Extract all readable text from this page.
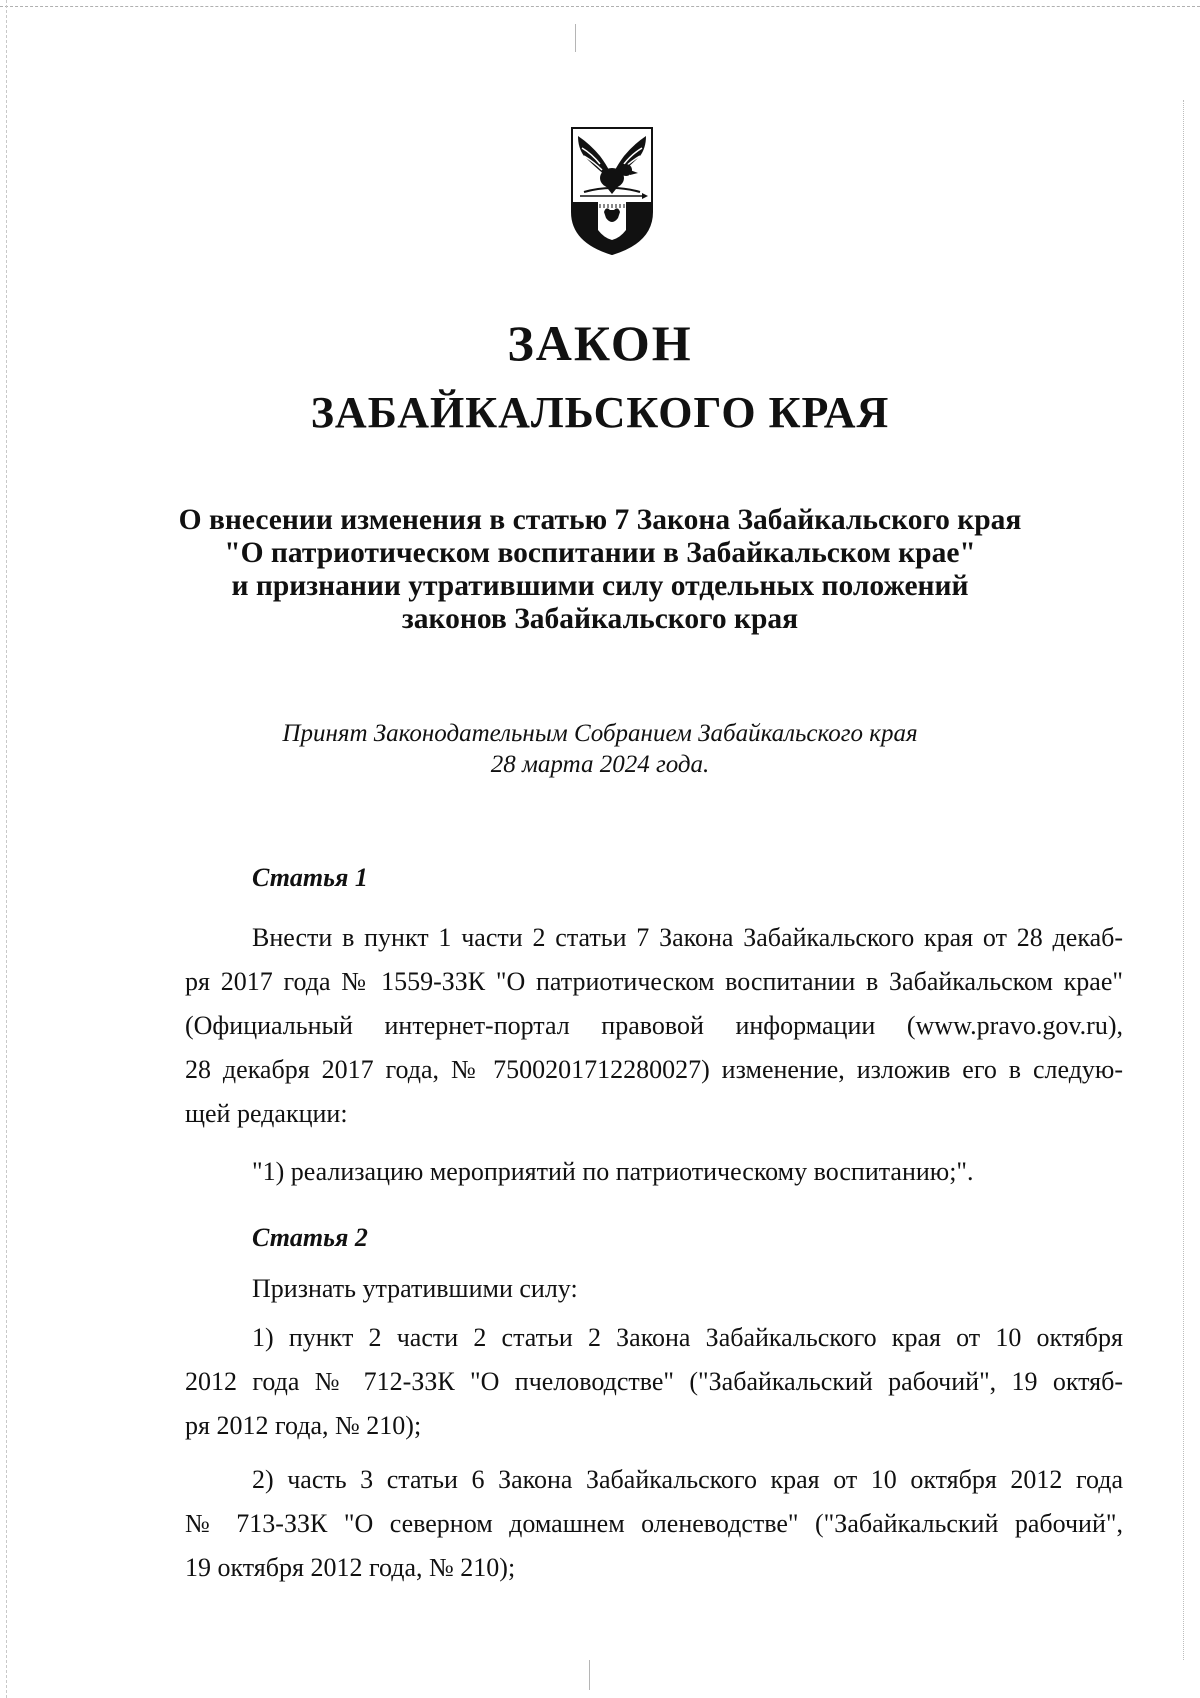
ЗАКОН
ЗАБАЙКАЛЬСКОГО КРАЯ
О внесении изменения в статью 7 Закона Забайкальского края
"О патриотическом воспитании в Забайкальском крае"
и признании утратившими силу отдельных положений
законов Забайкальского края
Принят Законодательным Собранием Забайкальского края
28 марта 2024 года.

Статья 1

Внести в пункт 1 части 2 статьи 7 Закона Забайкальского края от 28 декаб-

ря 2017 года № 1559-ЗЗК "О патриотическом воспитании в Забайкальском крае"

(Официальный интернет-портал правовой информации (www.pravo.gov.ru),

28 декабря 2017 года, № 7500201712280027) изменение, изложив его в следую-

щей редакции:

"1) реализацию мероприятий по патриотическому воспитанию;".

Статья 2

Признать утратившими силу:

1) пункт 2 части 2 статьи 2 Закона Забайкальского края от 10 октября

2012 года № 712-ЗЗК "О пчеловодстве" ("Забайкальский рабочий", 19 октяб-

ря 2012 года, № 210);

2) часть 3 статьи 6 Закона Забайкальского края от 10 октября 2012 года

№ 713-ЗЗК "О северном домашнем оленеводстве" ("Забайкальский рабочий",

19 октября 2012 года, № 210);
